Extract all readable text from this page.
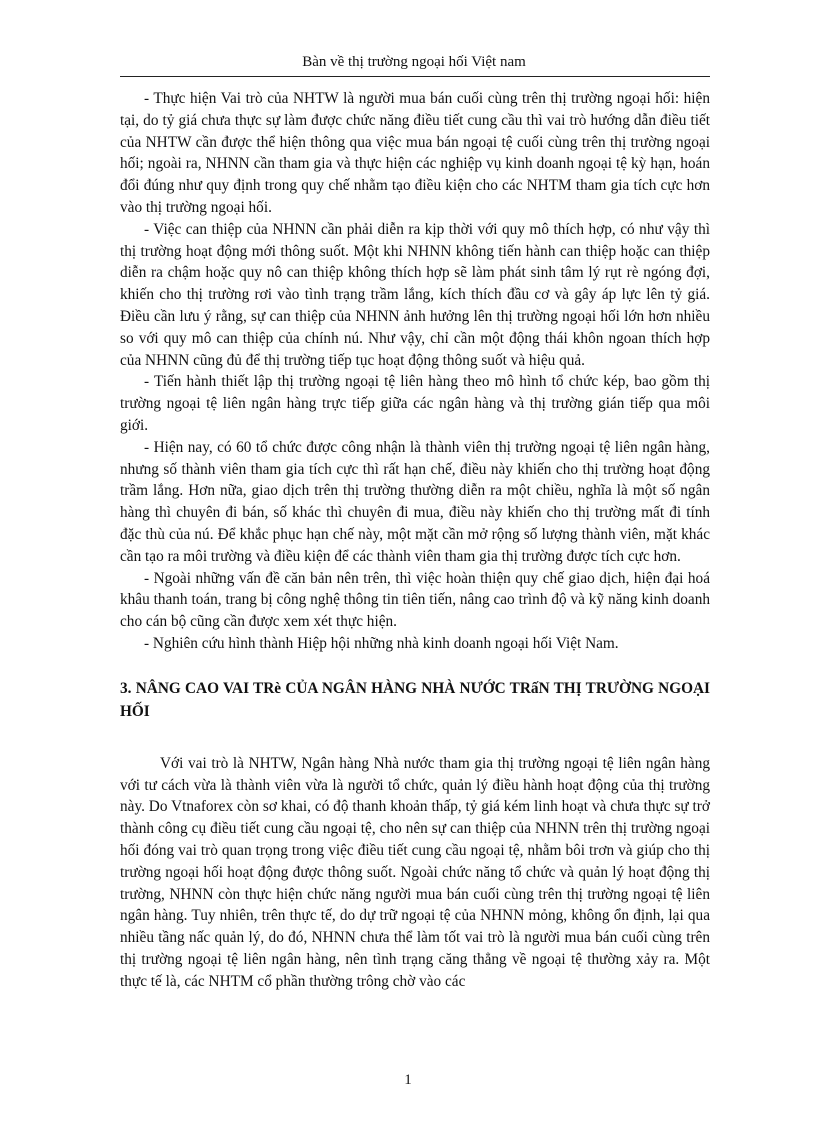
Bàn về thị trường ngoại hối Việt nam

- Thực hiện Vai trò của NHTW là người mua bán cuối cùng trên thị trường ngoại hối: hiện tại, do tỷ giá chưa thực sự làm được chức năng điều tiết cung cầu thì vai trò hướng dẫn điều tiết của NHTW cần được thể hiện thông qua việc mua bán ngoại tệ cuối cùng trên thị trường ngoại hối; ngoài ra, NHNN cần tham gia và thực hiện các nghiệp vụ kinh doanh ngoại tệ kỳ hạn, hoán đổi đúng như quy định trong quy chế nhằm tạo điều kiện cho các NHTM tham gia tích cực hơn vào thị trường ngoại hối.

- Việc can thiệp của NHNN cần phải diễn ra kịp thời với quy mô thích hợp, có như vậy thì thị trường hoạt động mới thông suốt. Một khi NHNN không tiến hành can thiệp hoặc can thiệp diễn ra chậm hoặc quy nô can thiệp không thích hợp sẽ làm phát sinh tâm lý rụt rè ngóng đợi, khiến cho thị trường rơi vào tình trạng trầm lắng, kích thích đầu cơ và gây áp lực lên tỷ giá. Điều cần lưu ý rằng, sự can thiệp của NHNN ảnh hưởng lên thị trường ngoại hối lớn hơn nhiều so với quy mô can thiệp của chính nú. Như vậy, chỉ cần một động thái khôn ngoan thích hợp của NHNN cũng đủ để thị trường tiếp tục hoạt động thông suốt và hiệu quả.

- Tiến hành thiết lập thị trường ngoại tệ liên hàng theo mô hình tổ chức kép, bao gồm thị trường ngoại tệ liên ngân hàng trực tiếp giữa các ngân hàng và thị trường gián tiếp qua môi giới.

- Hiện nay, có 60 tổ chức được công nhận là thành viên thị trường ngoại tệ liên ngân hàng, nhưng số thành viên tham gia tích cực thì rất hạn chế, điều này khiến cho thị trường hoạt động trầm lắng. Hơn nữa, giao dịch trên thị trường thường diễn ra một chiều, nghĩa là một số ngân hàng thì chuyên đi bán, số khác thì chuyên đi mua, điều này khiến cho thị trường mất đi tính đặc thù của nú. Để khắc phục hạn chế này, một mặt cần mở rộng số lượng thành viên, mặt khác cần tạo ra môi trường và điều kiện để các thành viên tham gia thị trường được tích cực hơn.

- Ngoài những vấn đề căn bản nên trên, thì việc hoàn thiện quy chế giao dịch, hiện đại hoá khâu thanh toán, trang bị công nghệ thông tin tiên tiến, nâng cao trình độ và kỹ năng kinh doanh cho cán bộ cũng cần được xem xét thực hiện.

- Nghiên cứu hình thành Hiệp hội những nhà kinh doanh ngoại hối Việt Nam.

3. NÂNG CAO VAI TRè CỦA NGÂN HÀNG NHÀ NƯỚC TRấN THỊ TRƯỜNG NGOẠI HỐI

Với vai trò là NHTW, Ngân hàng Nhà nước tham gia thị trường ngoại tệ liên ngân hàng với tư cách vừa là thành viên vừa là người tổ chức, quản lý điều hành hoạt động của thị trường này. Do Vtnaforex còn sơ khai, có độ thanh khoản thấp, tỷ giá kém linh hoạt và chưa thực sự trở thành công cụ điều tiết cung cầu ngoại tệ, cho nên sự can thiệp của NHNN trên thị trường ngoại hối đóng vai trò quan trọng trong việc điều tiết cung cầu ngoại tệ, nhằm bôi trơn và giúp cho thị trường ngoại hối hoạt động được thông suốt. Ngoài chức năng tổ chức và quản lý hoạt động thị trường, NHNN còn thực hiện chức năng người mua bán cuối cùng trên thị trường ngoại tệ liên ngân hàng. Tuy nhiên, trên thực tế, do dự trữ ngoại tệ của NHNN mỏng, không ổn định, lại qua nhiều tầng nấc quản lý, do đó, NHNN chưa thể làm tốt vai trò là người mua bán cuối cùng trên thị trường ngoại tệ liên ngân hàng, nên tình trạng căng thẳng về ngoại tệ thường xảy ra. Một thực tế là, các NHTM cổ phần thường trông chờ vào các

1
